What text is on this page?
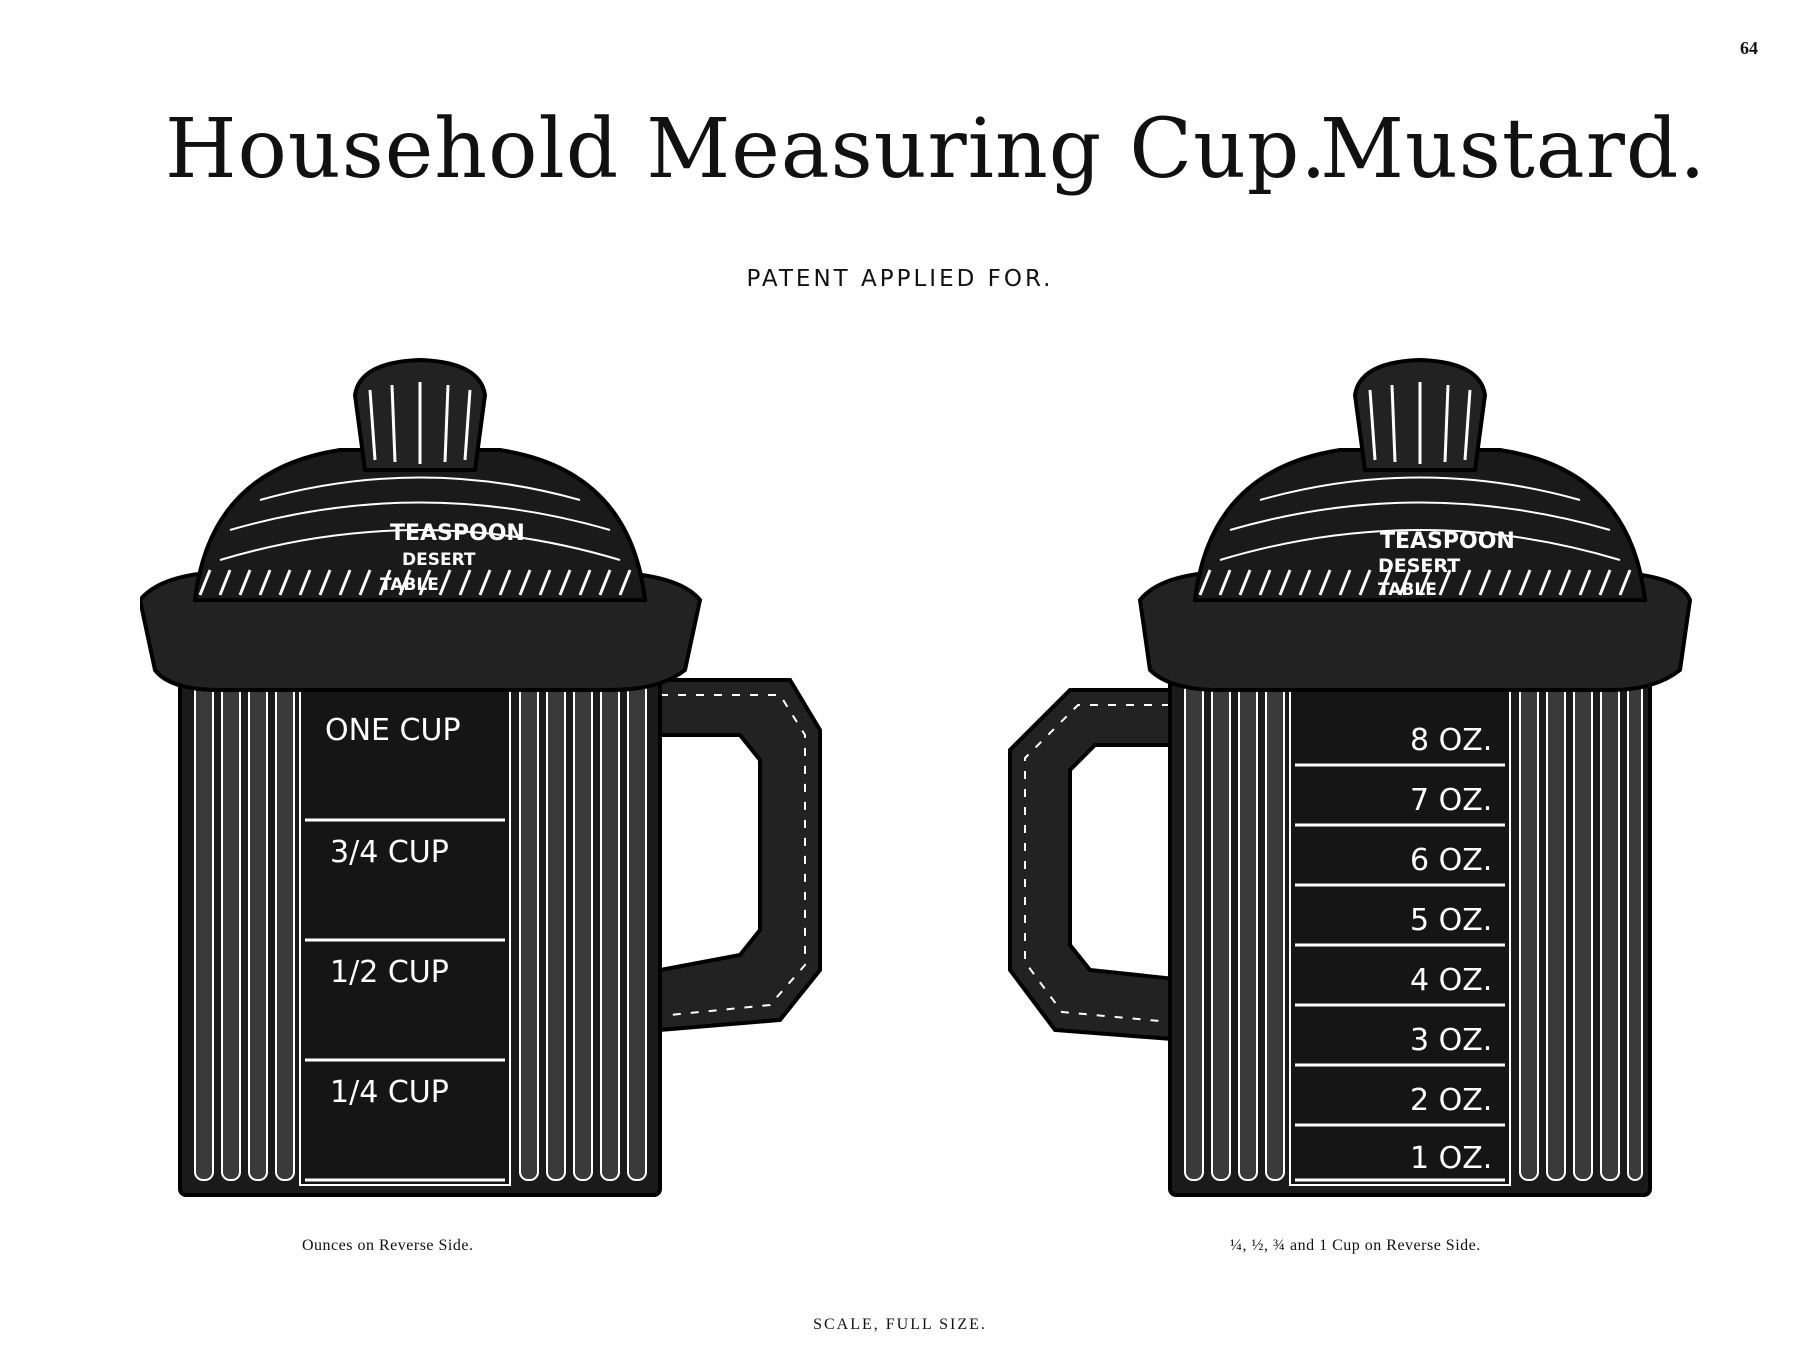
64
Household Measuring Cup.
Mustard.
PATENT APPLIED FOR.
TEASPOON
DESERT
TABLE
ONE CUP
3/4 CUP
1/2 CUP
1/4 CUP
Ounces on Reverse Side.
TEASPOON
DESERT
TABLE
8 OZ.
7 OZ.
6 OZ.
5 OZ.
4 OZ.
3 OZ.
2 OZ.
1 OZ.
¼, ½, ¾ and 1 Cup on Reverse Side.
SCALE, FULL SIZE.
